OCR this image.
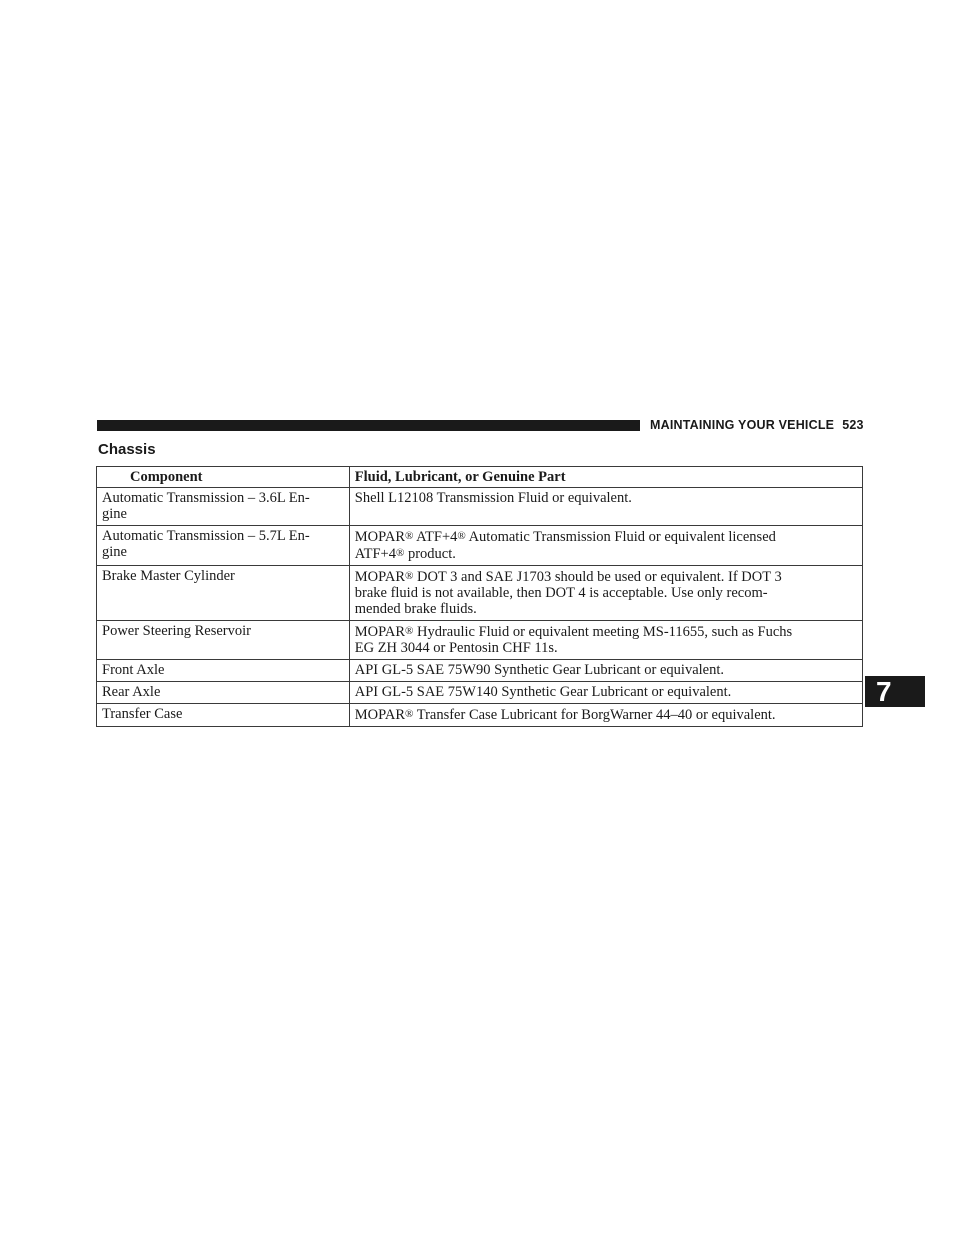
MAINTAINING YOUR VEHICLE 523
Chassis
Component	Fluid, Lubricant, or Genuine Part
Automatic Transmission – 3.6L En-
gine	Shell L12108 Transmission Fluid or equivalent.
Automatic Transmission – 5.7L En-
gine	MOPAR® ATF+4® Automatic Transmission Fluid or equivalent licensed
ATF+4® product.
Brake Master Cylinder	MOPAR® DOT 3 and SAE J1703 should be used or equivalent. If DOT 3
brake fluid is not available, then DOT 4 is acceptable. Use only recom-
mended brake fluids.
Power Steering Reservoir	MOPAR® Hydraulic Fluid or equivalent meeting MS-11655, such as Fuchs
EG ZH 3044 or Pentosin CHF 11s.
Front Axle	API GL-5 SAE 75W90 Synthetic Gear Lubricant or equivalent.
Rear Axle	API GL-5 SAE 75W140 Synthetic Gear Lubricant or equivalent.
Transfer Case	MOPAR® Transfer Case Lubricant for BorgWarner 44–40 or equivalent.
7
